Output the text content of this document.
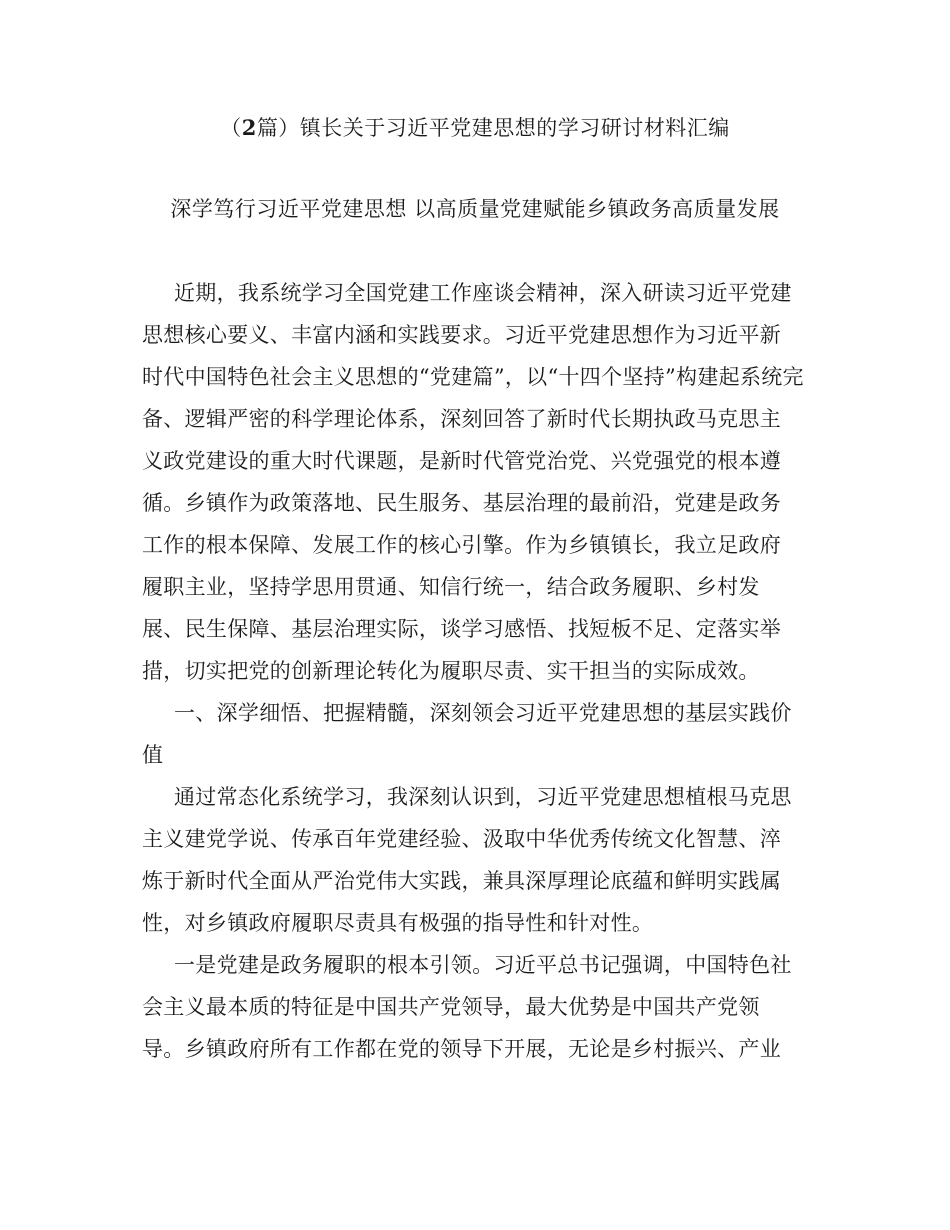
（2篇）镇长关于习近平党建思想的学习研讨材料汇编
深学笃行习近平党建思想 以高质量党建赋能乡镇政务高质量发展
近期，我系统学习全国党建工作座谈会精神，深入研读习近平党建
思想核心要义、丰富内涵和实践要求。习近平党建思想作为习近平新
时代中国特色社会主义思想的“党建篇”，以“十四个坚持”构建起系统完
备、逻辑严密的科学理论体系，深刻回答了新时代长期执政马克思主
义政党建设的重大时代课题，是新时代管党治党、兴党强党的根本遵
循。乡镇作为政策落地、民生服务、基层治理的最前沿，党建是政务
工作的根本保障、发展工作的核心引擎。作为乡镇镇长，我立足政府
履职主业，坚持学思用贯通、知信行统一，结合政务履职、乡村发
展、民生保障、基层治理实际，谈学习感悟、找短板不足、定落实举
措，切实把党的创新理论转化为履职尽责、实干担当的实际成效。
一、深学细悟、把握精髓，深刻领会习近平党建思想的基层实践价
值
通过常态化系统学习，我深刻认识到，习近平党建思想植根马克思
主义建党学说、传承百年党建经验、汲取中华优秀传统文化智慧、淬
炼于新时代全面从严治党伟大实践，兼具深厚理论底蕴和鲜明实践属
性，对乡镇政府履职尽责具有极强的指导性和针对性。
一是党建是政务履职的根本引领。习近平总书记强调，中国特色社
会主义最本质的特征是中国共产党领导，最大优势是中国共产党领
导。乡镇政府所有工作都在党的领导下开展，无论是乡村振兴、产业
